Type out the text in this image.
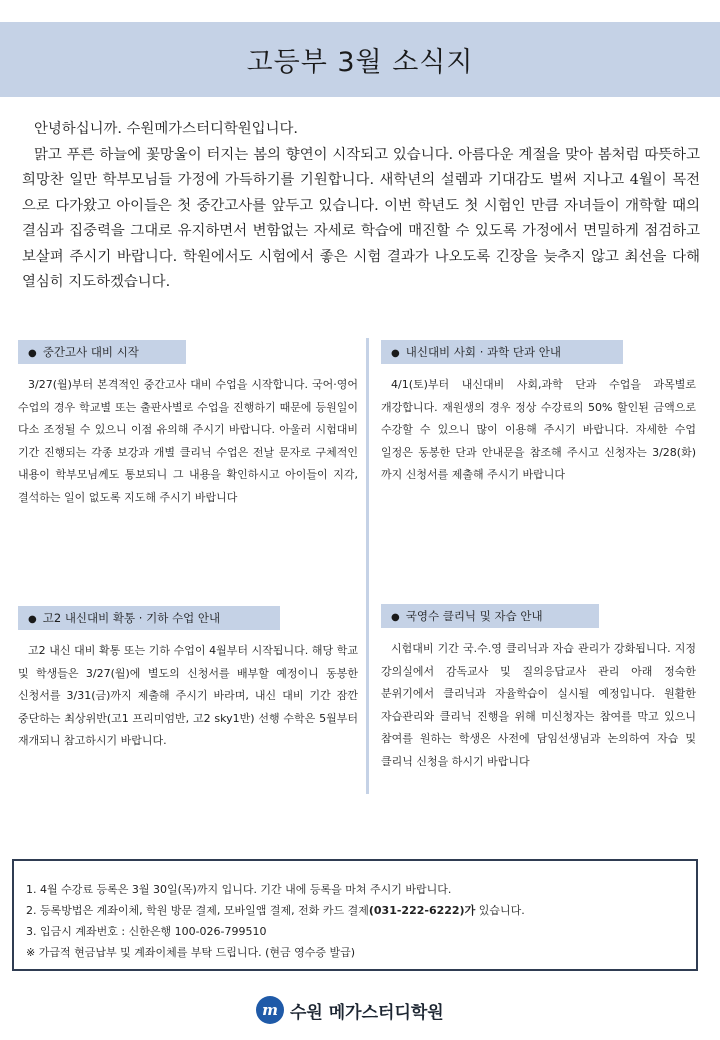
고등부 3월 소식지

안녕하십니까. 수원메가스터디학원입니다.

맑고 푸른 하늘에 꽃망울이 터지는 봄의 향연이 시작되고 있습니다. 아름다운 계절을 맞아 봄처럼 따뜻하고 희망찬 일만 학부모님들 가정에 가득하기를 기원합니다. 새학년의 설렘과 기대감도 벌써 지나고 4월이 목전으로 다가왔고 아이들은 첫 중간고사를 앞두고 있습니다. 이번 학년도 첫 시험인 만큼 자녀들이 개학할 때의 결심과 집중력을 그대로 유지하면서 변함없는 자세로 학습에 매진할 수 있도록 가정에서 면밀하게 점검하고 보살펴 주시기 바랍니다. 학원에서도 시험에서 좋은 시험 결과가 나오도록 긴장을 늦추지 않고 최선을 다해 열심히 지도하겠습니다.

● 중간고사 대비 시작
3/27(월)부터 본격적인 중간고사 대비 수업을 시작합니다. 국어·영어 수업의 경우 학교별 또는 출판사별로 수업을 진행하기 때문에 등원일이 다소 조정될 수 있으니 이점 유의해 주시기 바랍니다. 아울러 시험대비 기간 진행되는 각종 보강과 개별 클리닉 수업은 전날 문자로 구체적인 내용이 학부모님께도 통보되니 그 내용을 확인하시고 아이들이 지각, 결석하는 일이 없도록 지도해 주시기 바랍니다
● 내신대비 사회 · 과학 단과 안내
4/1(토)부터 내신대비 사회,과학 단과 수업을 과목별로 개강합니다. 재원생의 경우 정상 수강료의 50% 할인된 금액으로 수강할 수 있으니 많이 이용해 주시기 바랍니다. 자세한 수업 일정은 동봉한 단과 안내문을 참조해 주시고 신청자는 3/28(화)까지 신청서를 제출해 주시기 바랍니다
● 고2 내신대비 확통 · 기하 수업 안내
고2 내신 대비 확통 또는 기하 수업이 4월부터 시작됩니다. 해당 학교 및 학생들은 3/27(월)에 별도의 신청서를 배부할 예정이니 동봉한 신청서를 3/31(금)까지 제출해 주시기 바라며, 내신 대비 기간 잠깐 중단하는 최상위반(고1 프리미엄반, 고2 sky1반) 선행 수학은 5월부터 재개되니 참고하시기 바랍니다.
● 국영수 클리닉 및 자습 안내
시험대비 기간 국.수.영 클리닉과 자습 관리가 강화됩니다. 지정 강의실에서 감독교사 및 질의응답교사 관리 아래 정숙한 분위기에서 클리닉과 자율학습이 실시될 예정입니다. 원활한 자습관리와 클리닉 진행을 위해 미신청자는 참여를 막고 있으니 참여를 원하는 학생은 사전에 담임선생님과 논의하여 자습 및 클리닉 신청을 하시기 바랍니다
1. 4월 수강료 등록은 3월 30일(목)까지 입니다. 기간 내에 등록을 마쳐 주시기 바랍니다.
2. 등록방법은 계좌이체, 학원 방문 결제, 모바일앱 결제, 전화 카드 결제(031-222-6222)가 있습니다.
3. 입금시 계좌번호 : 신한은행 100-026-799510
※ 가급적 현금납부 및 계좌이체를 부탁 드립니다. (현금 영수증 발급)
m 수원 메가스터디학원
